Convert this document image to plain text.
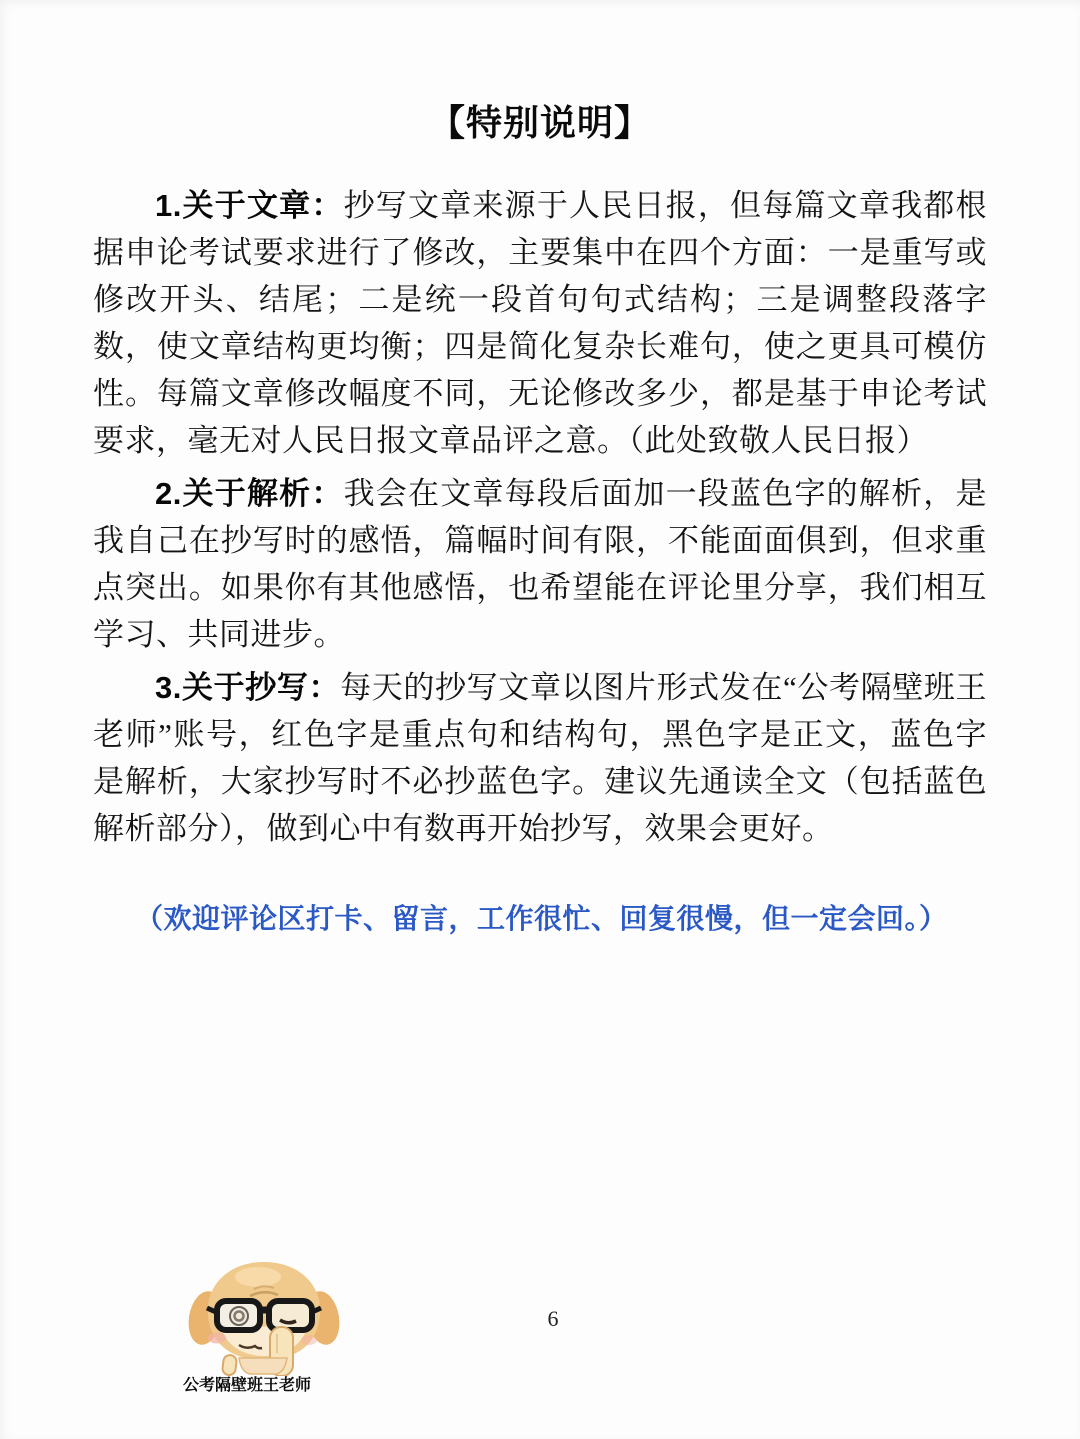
【特别说明】

1.关于文章：抄写文章来源于人民日报，但每篇文章我都根据申论考试要求进行了修改，主要集中在四个方面：一是重写或修改开头、结尾；二是统一段首句句式结构；三是调整段落字数，使文章结构更均衡；四是简化复杂长难句，使之更具可模仿性。每篇文章修改幅度不同，无论修改多少，都是基于申论考试要求，毫无对人民日报文章品评之意。（此处致敬人民日报）

2.关于解析：我会在文章每段后面加一段蓝色字的解析，是我自己在抄写时的感悟，篇幅时间有限，不能面面俱到，但求重点突出。如果你有其他感悟，也希望能在评论里分享，我们相互学习、共同进步。

3.关于抄写：每天的抄写文章以图片形式发在“公考隔壁班王老师”账号，红色字是重点句和结构句，黑色字是正文，蓝色字是解析，大家抄写时不必抄蓝色字。建议先通读全文（包括蓝色解析部分），做到心中有数再开始抄写，效果会更好。

（欢迎评论区打卡、留言，工作很忙、回复很慢，但一定会回。）

公考隔壁班王老师
6
